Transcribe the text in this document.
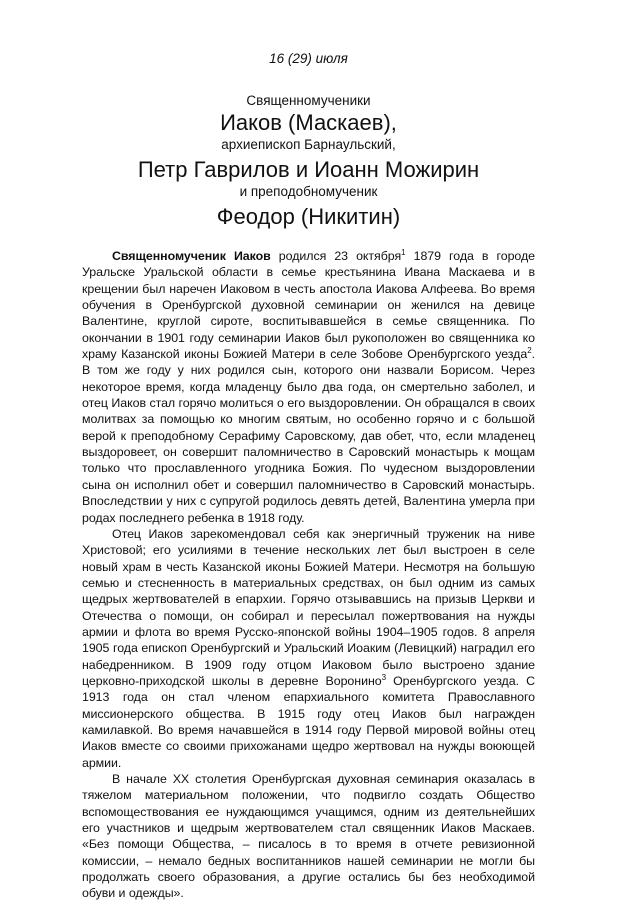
16 (29) июля
Священномученики
Иаков (Маскаев),
архиепископ Барнаульский,
Петр Гаврилов и Иоанн Можирин
и преподобномученик
Феодор (Никитин)

Священномученик Иаков родился 23 октября$^1$ 1879 года в городе Уральске Уральской области в семье крестьянина Ивана Маскаева и в крещении был наречен Иаковом в честь апостола Иакова Алфеева. Во время обучения в Оренбургской духовной семинарии он женился на девице Валентине, круглой сироте, воспитывавшейся в семье священника. По окончании в 1901 году семинарии Иаков был рукоположен во священника ко храму Казанской иконы Божией Матери в селе Зобове Оренбургского уезда$^2$. В том же году у них родился сын, которого они назвали Борисом. Через некоторое время, когда младенцу было два года, он смертельно заболел, и отец Иаков стал горячо молиться о его выздоровлении. Он обращался в своих молитвах за помощью ко многим святым, но особенно горячо и с большой верой к преподобному Серафиму Саровскому, дав обет, что, если младенец выздоровеет, он совершит паломничество в Саровский монастырь к мощам только что прославленного угодника Божия. По чудесном выздоровлении сына он исполнил обет и совершил паломничество в Саровский монастырь. Впоследствии у них с супругой родилось девять детей, Валентина умерла при родах последнего ребенка в 1918 году.

Отец Иаков зарекомендовал себя как энергичный труженик на ниве Христовой; его усилиями в течение нескольких лет был выстроен в селе новый храм в честь Казанской иконы Божией Матери. Несмотря на большую семью и стесненность в материальных средствах, он был одним из самых щедрых жертвователей в епархии. Горячо отзывавшись на призыв Церкви и Отечества о помощи, он собирал и пересылал пожертвования на нужды армии и флота во время Русско-японской войны 1904–1905 годов. 8 апреля 1905 года епископ Оренбургский и Уральский Иоаким (Левицкий) наградил его набедренником. В 1909 году отцом Иаковом было выстроено здание церковно-приходской школы в деревне Воронино$^3$ Оренбургского уезда. С 1913 года он стал членом епархиального комитета Православного миссионерского общества. В 1915 году отец Иаков был награжден камилавкой. Во время начавшейся в 1914 году Первой мировой войны отец Иаков вместе со своими прихожанами щедро жертвовал на нужды воюющей армии.

В начале XX столетия Оренбургская духовная семинария оказалась в тяжелом материальном положении, что подвигло создать Общество вспомоществования ее нуждающимся учащимся, одним из деятельнейших его участников и щедрым жертвователем стал священник Иаков Маскаев. «Без помощи Общества, – писалось в то время в отчете ревизионной комиссии, – немало бедных воспитанников нашей семинарии не могли бы продолжать своего образования, а другие остались бы без необходимой обуви и одежды».
